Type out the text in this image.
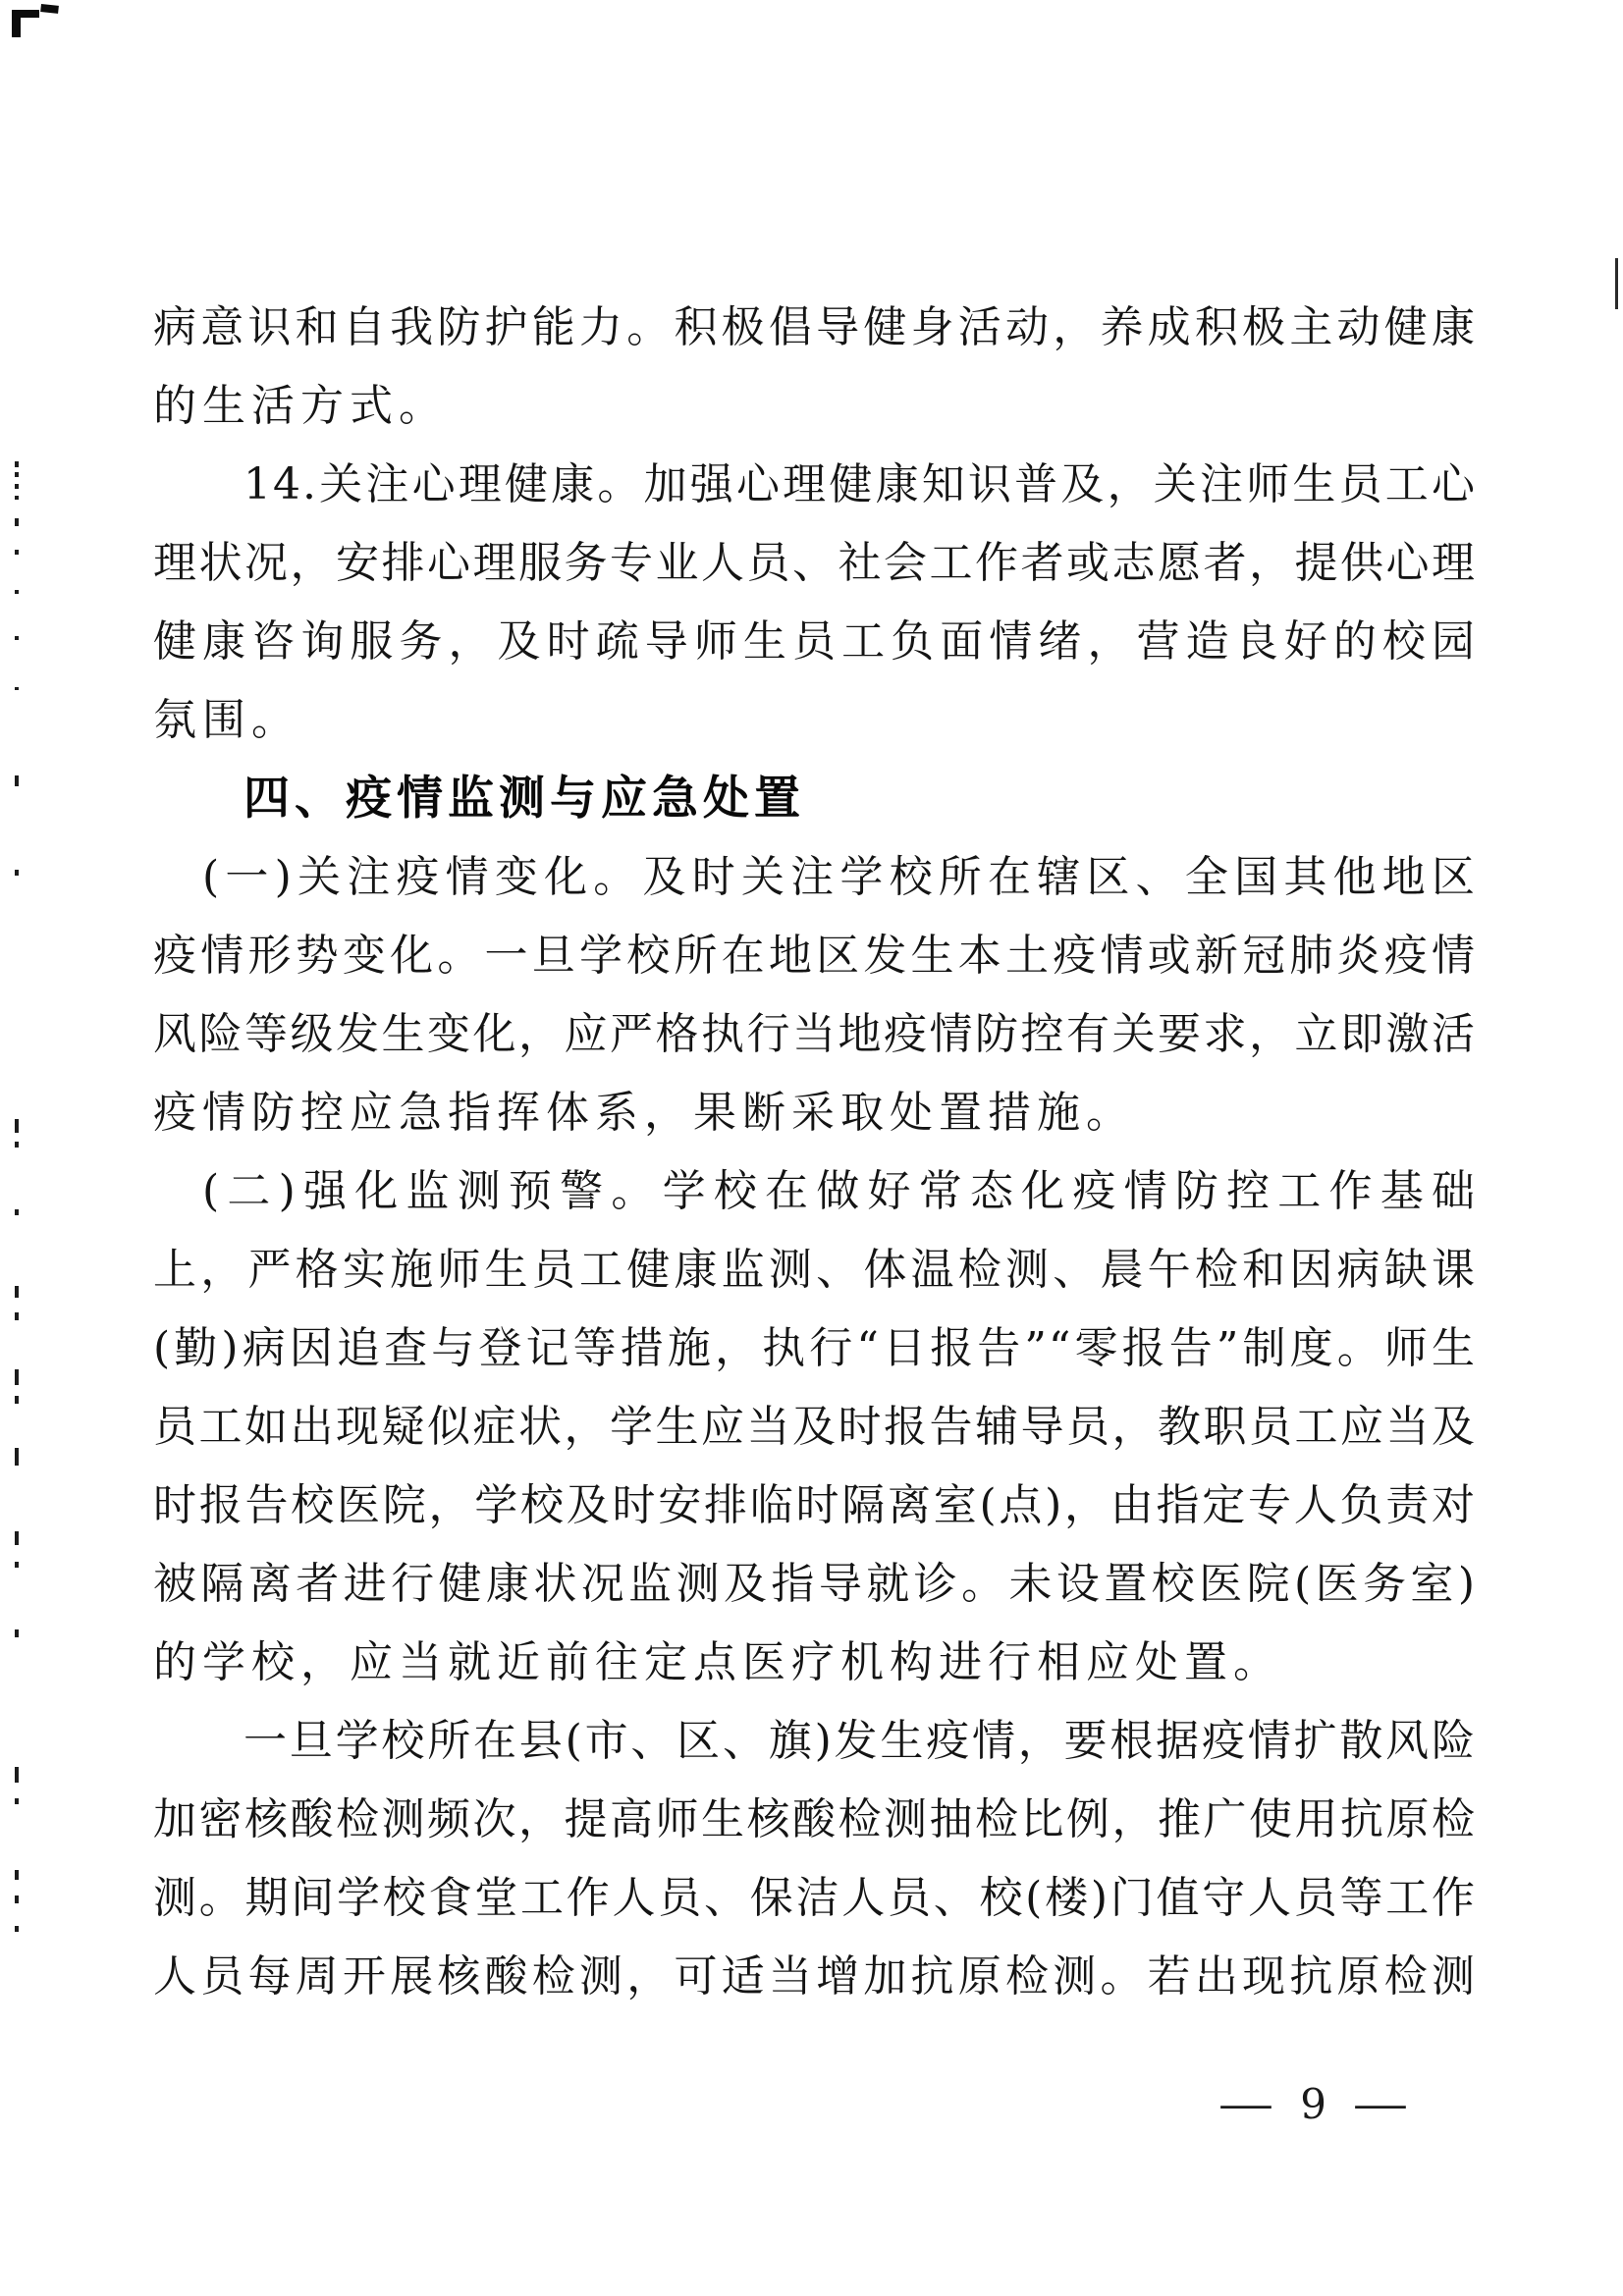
病意识和自我防护能力。积极倡导健身活动，养成积极主动健康
的生活方式。
14.关注心理健康。加强心理健康知识普及，关注师生员工心
理状况，安排心理服务专业人员、社会工作者或志愿者，提供心理
健康咨询服务，及时疏导师生员工负面情绪，营造良好的校园
氛围。
四、疫情监测与应急处置
(一)关注疫情变化。及时关注学校所在辖区、全国其他地区
疫情形势变化。一旦学校所在地区发生本土疫情或新冠肺炎疫情
风险等级发生变化，应严格执行当地疫情防控有关要求，立即激活
疫情防控应急指挥体系，果断采取处置措施。
(二)强化监测预警。学校在做好常态化疫情防控工作基础
上，严格实施师生员工健康监测、体温检测、晨午检和因病缺课
(勤)病因追查与登记等措施，执行“日报告”“零报告”制度。师生
员工如出现疑似症状，学生应当及时报告辅导员，教职员工应当及
时报告校医院，学校及时安排临时隔离室(点)，由指定专人负责对
被隔离者进行健康状况监测及指导就诊。未设置校医院(医务室)
的学校，应当就近前往定点医疗机构进行相应处置。
一旦学校所在县(市、区、旗)发生疫情，要根据疫情扩散风险
加密核酸检测频次，提高师生核酸检测抽检比例，推广使用抗原检
测。期间学校食堂工作人员、保洁人员、校(楼)门值守人员等工作
人员每周开展核酸检测，可适当增加抗原检测。若出现抗原检测
— 9 —
